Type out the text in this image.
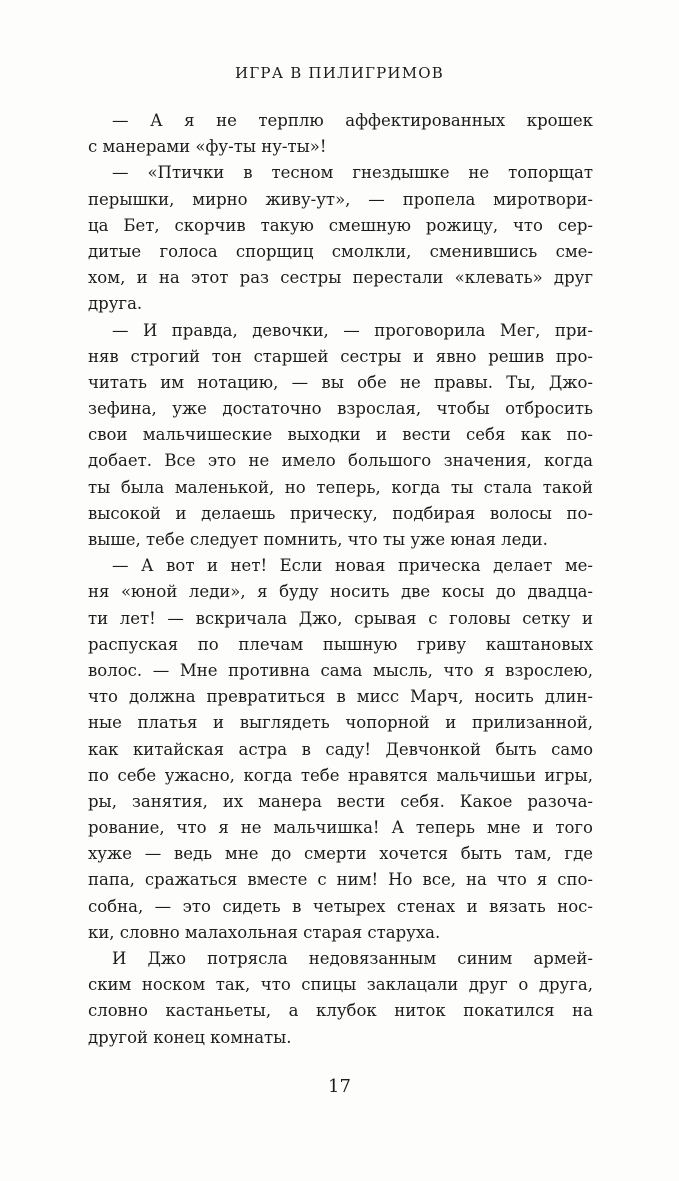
ИГРА В ПИЛИГРИМОВ
— А я не терплю аффектированных крошек
с манерами «фу-ты ну-ты»!
— «Птички в тесном гнездышке не топорщат
перышки, мирно живу-ут», — пропела миротвори-
ца Бет, скорчив такую смешную рожицу, что сер-
дитые голоса спорщиц смолкли, сменившись сме-
хом, и на этот раз сестры перестали «клевать» друг
друга.
— И правда, девочки, — проговорила Мег, при-
няв строгий тон старшей сестры и явно решив про-
читать им нотацию, — вы обе не правы. Ты, Джо-
зефина, уже достаточно взрослая, чтобы отбросить
свои мальчишеские выходки и вести себя как по-
добает. Все это не имело большого значения, когда
ты была маленькой, но теперь, когда ты стала такой
высокой и делаешь прическу, подбирая волосы по-
выше, тебе следует помнить, что ты уже юная леди.
— А вот и нет! Если новая прическа делает ме-
ня «юной леди», я буду носить две косы до двадца-
ти лет! — вскричала Джо, срывая с головы сетку и
распуская по плечам пышную гриву каштановых
волос. — Мне противна сама мысль, что я взрослею,
что должна превратиться в мисс Марч, носить длин-
ные платья и выглядеть чопорной и прилизанной,
как китайская астра в саду! Девчонкой быть само
по себе ужасно, когда тебе нравятся мальчишьи игры,
ры, занятия, их манера вести себя. Какое разоча-
рование, что я не мальчишка! А теперь мне и того
хуже — ведь мне до смерти хочется быть там, где
папа, сражаться вместе с ним! Но все, на что я спо-
собна, — это сидеть в четырех стенах и вязать нос-
ки, словно малахольная старая старуха.
И Джо потрясла недовязанным синим армей-
ским носком так, что спицы заклацали друг о друга,
словно кастаньеты, а клубок ниток покатился на
другой конец комнаты.
17
